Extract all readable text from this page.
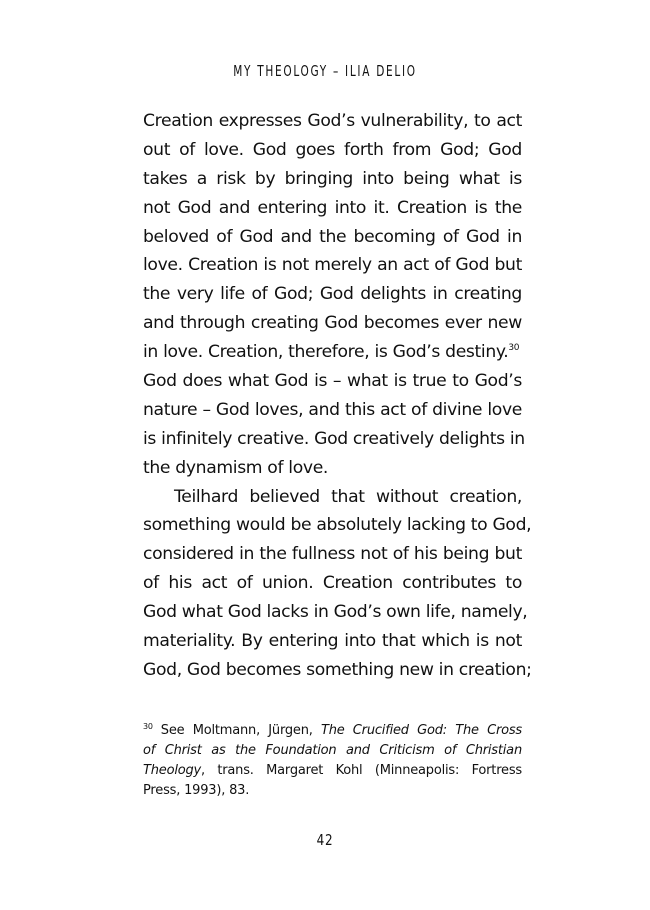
MY THEOLOGY – ILIA DELIO

Creation expresses God’s vulnerability, to act
out of love. God goes forth from God; God
takes a risk by bringing into being what is
not God and entering into it. Creation is the
beloved of God and the becoming of God in
love. Creation is not merely an act of God but
the very life of God; God delights in creating
and through creating God becomes ever new
in love. Creation, therefore, is God’s destiny.$^{30}$
God does what God is – what is true to God’s
nature – God loves, and this act of divine love
is infinitely creative. God creatively delights in
the dynamism of love.

Teilhard believed that without creation,
something would be absolutely lacking to God,
considered in the fullness not of his being but
of his act of union. Creation contributes to
God what God lacks in God’s own life, namely,
materiality. By entering into that which is not
God, God becomes something new in creation;

$^{30}$ See Moltmann, Jürgen, The Crucified God: The Cross
of Christ as the Foundation and Criticism of Christian
Theology, trans. Margaret Kohl (Minneapolis: Fortress
Press, 1993), 83.
42
